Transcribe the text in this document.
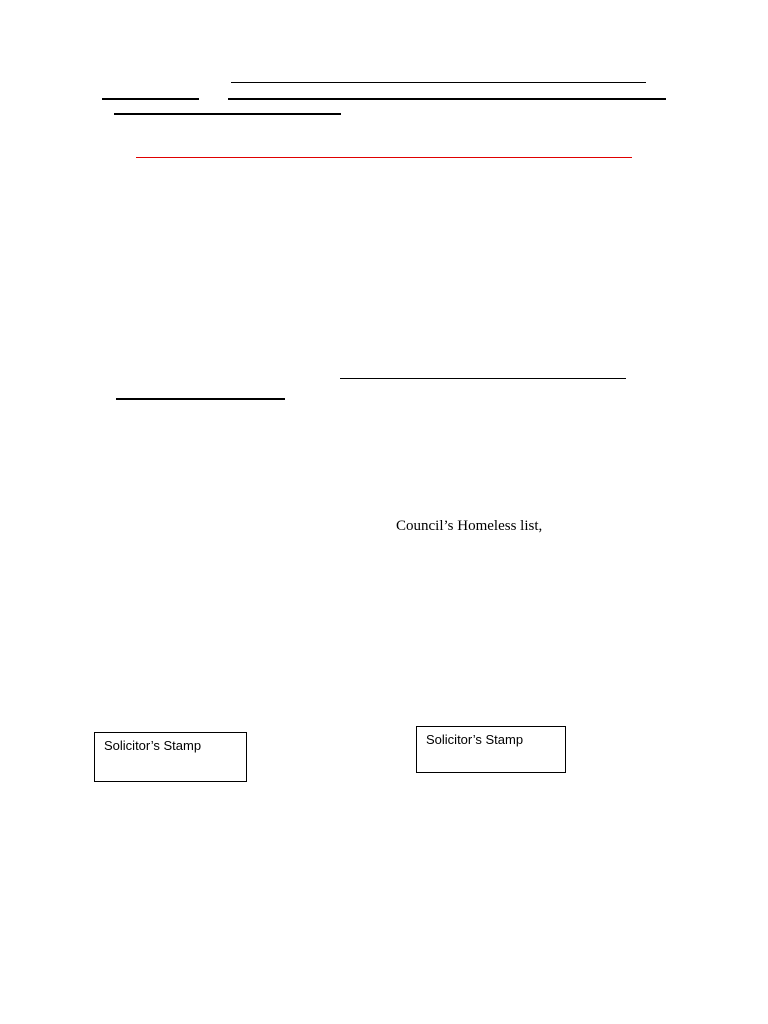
Council’s Homeless list,
Solicitor’s Stamp	Solicitor’s Stamp
